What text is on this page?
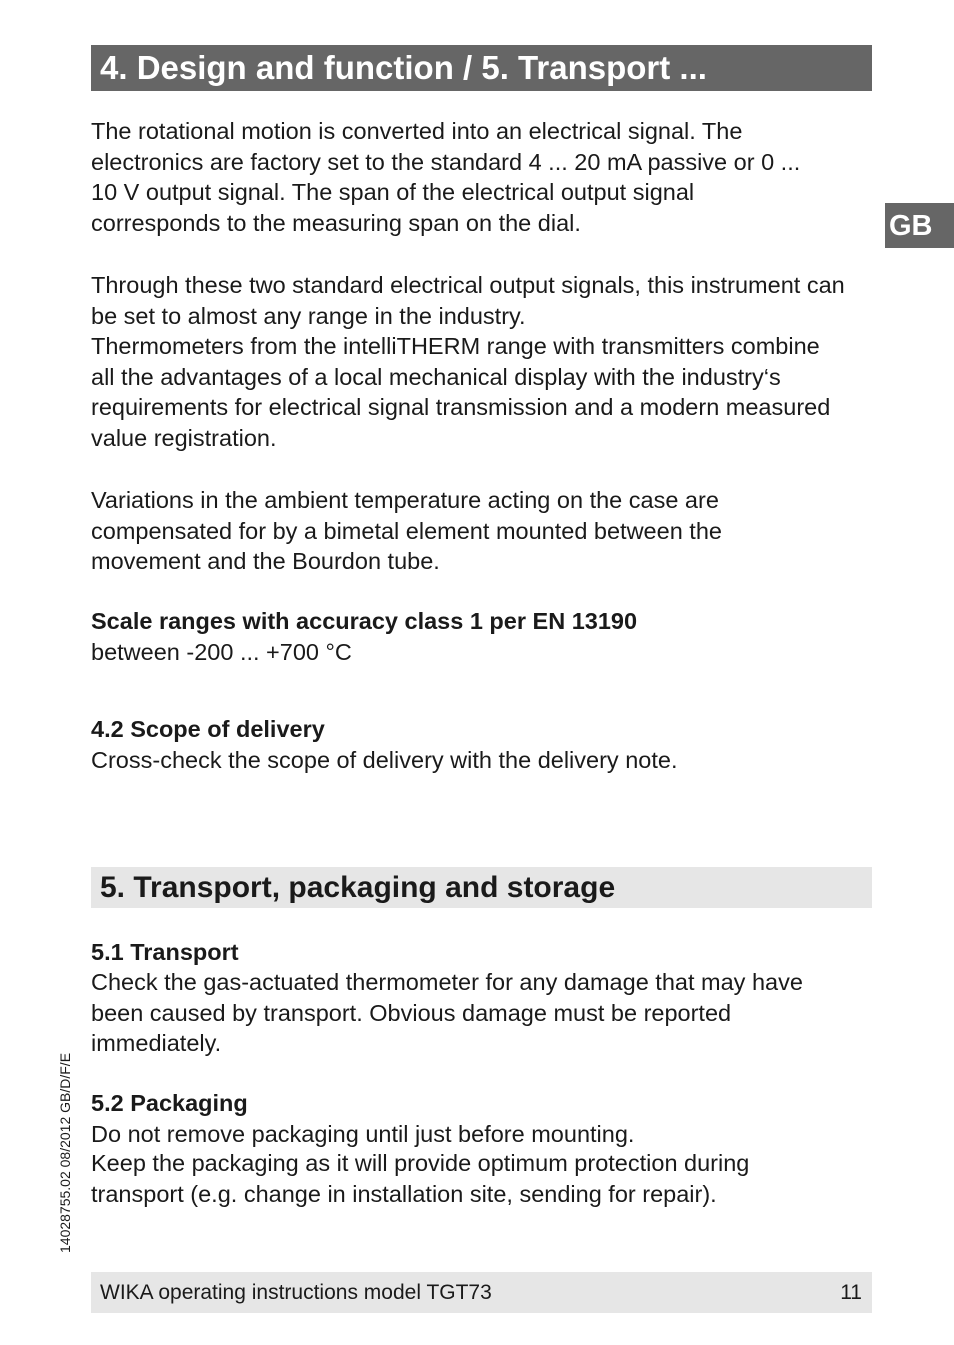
4. Design and function / 5. Transport ...
GB
14028755.02 08/2012 GB/D/F/E

The rotational motion is converted into an electrical signal. The electronics are factory set to the standard 4 ... 20 mA passive or 0 ... 10 V output signal. The span of the electrical output signal corresponds to the measuring span on the dial.

Through these two standard electrical output signals, this instrument can be set to almost any range in the industry.

Thermometers from the intelliTHERM range with transmitters combine all the advantages of a local mechanical display with the industry‘s requirements for electrical signal transmission and a modern measured value registration.

Variations in the ambient temperature acting on the case are compensated for by a bimetal element mounted between the movement and the Bourdon tube.

Scale ranges with accuracy class 1 per EN 13190

between -200 ... +700 °C

4.2 Scope of delivery

Cross-check the scope of delivery with the delivery note.

5. Transport, packaging and storage

5.1 Transport

Check the gas-actuated thermometer for any damage that may have been caused by transport. Obvious damage must be reported immediately.

5.2 Packaging

Do not remove packaging until just before mounting.

Keep the packaging as it will provide optimum protection during transport (e.g. change in installation site, sending for repair).

WIKA operating instructions model TGT73	11
